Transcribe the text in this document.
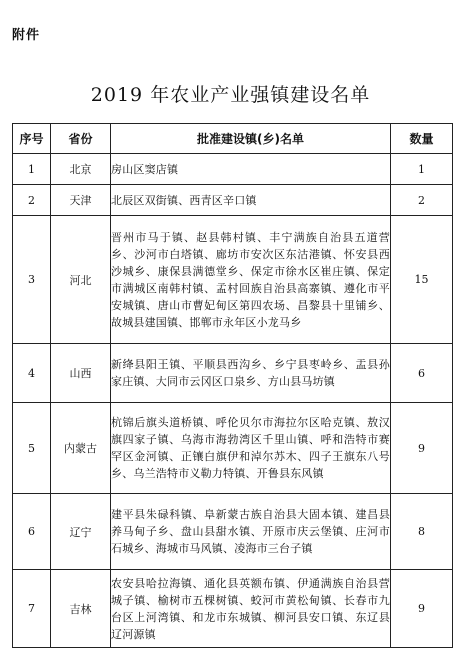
附件
2019 年农业产业强镇建设名单
序号	省份	批准建设镇(乡)名单	数量
1	北京	房山区窦店镇	1
2	天津	北辰区双街镇、西青区辛口镇	2
3	河北	晋州市马于镇、赵县韩村镇、丰宁满族自治县五道营乡、沙河市白塔镇、廊坊市安次区东沽港镇、怀安县西沙城乡、康保县满德堂乡、保定市徐水区崔庄镇、保定市满城区南韩村镇、孟村回族自治县高寨镇、遵化市平安城镇、唐山市曹妃甸区第四农场、昌黎县十里铺乡、故城县建国镇、邯郸市永年区小龙马乡	15
4	山西	新绛县阳王镇、平顺县西沟乡、乡宁县枣岭乡、盂县孙家庄镇、大同市云冈区口泉乡、方山县马坊镇	6
5	内蒙古	杭锦后旗头道桥镇、呼伦贝尔市海拉尔区哈克镇、敖汉旗四家子镇、乌海市海勃湾区千里山镇、呼和浩特市赛罕区金河镇、正镶白旗伊和淖尔苏木、四子王旗东八号乡、乌兰浩特市义勒力特镇、开鲁县东风镇	9
6	辽宁	建平县朱碌科镇、阜新蒙古族自治县大固本镇、建昌县养马甸子乡、盘山县甜水镇、开原市庆云堡镇、庄河市石城乡、海城市马风镇、凌海市三台子镇	8
7	吉林	农安县哈拉海镇、通化县英额布镇、伊通满族自治县营城子镇、榆树市五棵树镇、蛟河市黄松甸镇、长春市九台区上河湾镇、和龙市东城镇、柳河县安口镇、东辽县辽河源镇	9
